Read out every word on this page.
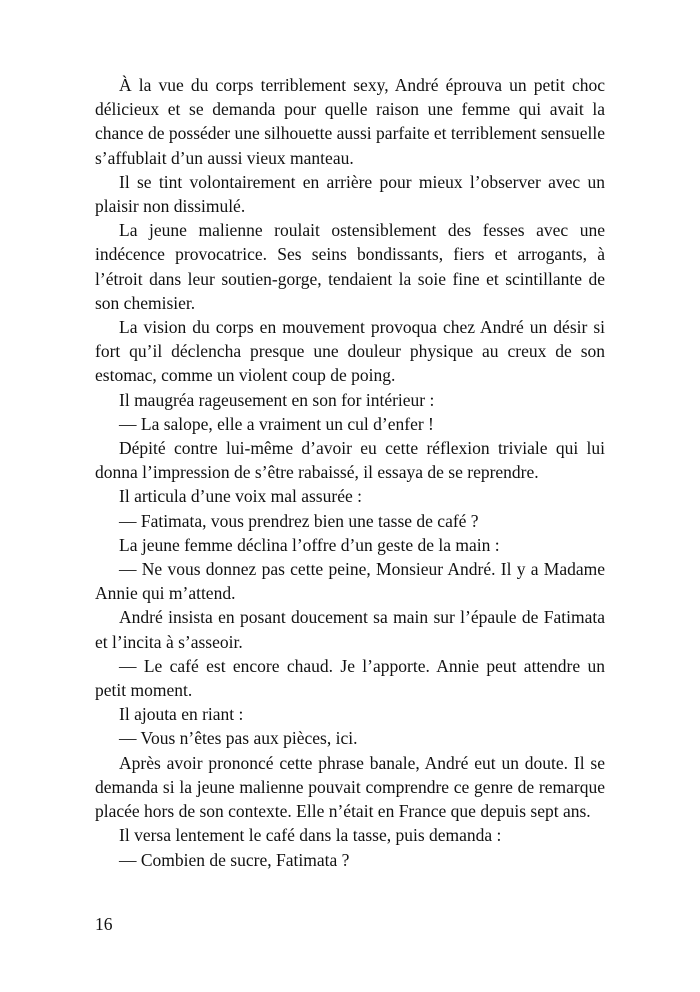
À la vue du corps terriblement sexy, André éprouva un petit choc délicieux et se demanda pour quelle raison une femme qui avait la chance de posséder une silhouette aussi parfaite et terriblement sensuelle s’affublait d’un aussi vieux manteau.

Il se tint volontairement en arrière pour mieux l’observer avec un plaisir non dissimulé.

La jeune malienne roulait ostensiblement des fesses avec une indécence provocatrice. Ses seins bondissants, fiers et arrogants, à l’étroit dans leur soutien-gorge, tendaient la soie fine et scintillante de son chemisier.

La vision du corps en mouvement provoqua chez André un désir si fort qu’il déclencha presque une douleur physique au creux de son estomac, comme un violent coup de poing.

Il maugréa rageusement en son for intérieur :

— La salope, elle a vraiment un cul d’enfer !

Dépité contre lui-même d’avoir eu cette réflexion triviale qui lui donna l’impression de s’être rabaissé, il essaya de se reprendre.

Il articula d’une voix mal assurée :

— Fatimata, vous prendrez bien une tasse de café ?

La jeune femme déclina l’offre d’un geste de la main :

— Ne vous donnez pas cette peine, Monsieur André. Il y a Madame Annie qui m’attend.

André insista en posant doucement sa main sur l’épaule de Fatimata et l’incita à s’asseoir.

— Le café est encore chaud. Je l’apporte. Annie peut attendre un petit moment.

Il ajouta en riant :

— Vous n’êtes pas aux pièces, ici.

Après avoir prononcé cette phrase banale, André eut un doute. Il se demanda si la jeune malienne pouvait comprendre ce genre de remarque placée hors de son contexte. Elle n’était en France que depuis sept ans.

Il versa lentement le café dans la tasse, puis demanda :

— Combien de sucre, Fatimata ?

16
